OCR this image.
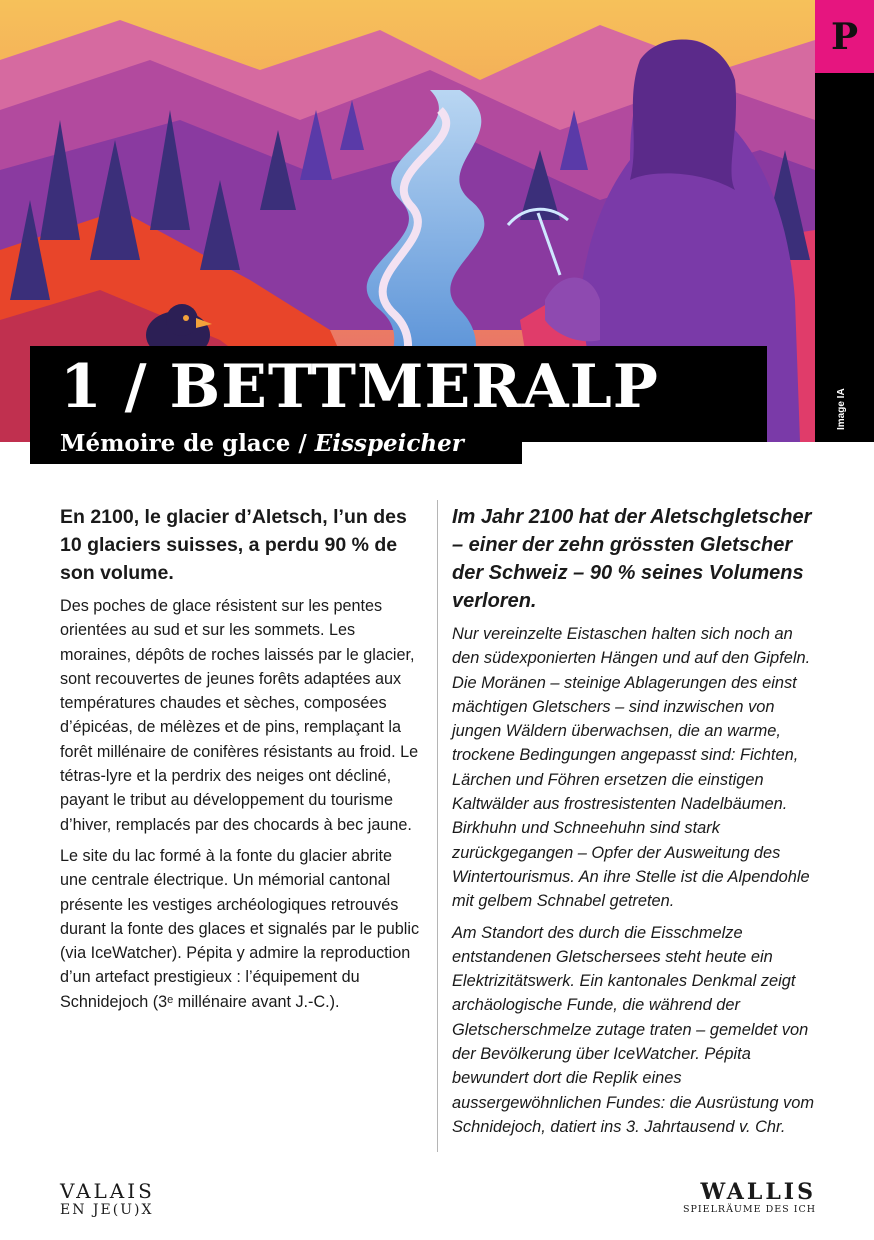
P
Image IA
1 / BETTMERALP
Mémoire de glace / Eisspeicher

En 2100, le glacier d’Aletsch, l’un des 10 glaciers suisses, a perdu 90 % de son volume.

Des poches de glace résistent sur les pentes orientées au sud et sur les sommets. Les moraines, dépôts de roches laissés par le glacier, sont recouvertes de jeunes forêts adaptées aux températures chaudes et sèches, composées d’épicéas, de mélèzes et de pins, remplaçant la forêt millénaire de conifères résistants au froid. Le tétras-lyre et la perdrix des neiges ont décliné, payant le tribut au développement du tourisme d’hiver, remplacés par des chocards à bec jaune.

Le site du lac formé à la fonte du glacier abrite une centrale électrique. Un mémorial cantonal présente les vestiges archéologiques retrouvés durant la fonte des glaces et signalés par le public (via IceWatcher). Pépita y admire la reproduction d’un artefact prestigieux : l’équipement du Schnidejoch (3ᵉ millénaire avant J.-C.).

Im Jahr 2100 hat der Aletschgletscher – einer der zehn grössten Gletscher der Schweiz – 90 % seines Volumens verloren.

Nur vereinzelte Eistaschen halten sich noch an den südexponierten Hängen und auf den Gipfeln. Die Moränen – steinige Ablagerungen des einst mächtigen Gletschers – sind inzwischen von jungen Wäldern überwachsen, die an warme, trockene Bedingungen angepasst sind: Fichten, Lärchen und Föhren ersetzen die einstigen Kaltwälder aus frostresistenten Nadelbäumen. Birkhuhn und Schneehuhn sind stark zurückgegangen – Opfer der Ausweitung des Wintertourismus. An ihre Stelle ist die Alpendohle mit gelbem Schnabel getreten.

Am Standort des durch die Eisschmelze entstandenen Gletschersees steht heute ein Elektrizitätswerk. Ein kantonales Denkmal zeigt archäologische Funde, die während der Gletscherschmelze zutage traten – gemeldet von der Bevölkerung über IceWatcher. Pépita bewundert dort die Replik eines aussergewöhnlichen Fundes: die Ausrüstung vom Schnidejoch, datiert ins 3. Jahrtausend v. Chr.

VALAIS
EN JE(U)X
WALLIS
SPIELRÄUME DES ICH
